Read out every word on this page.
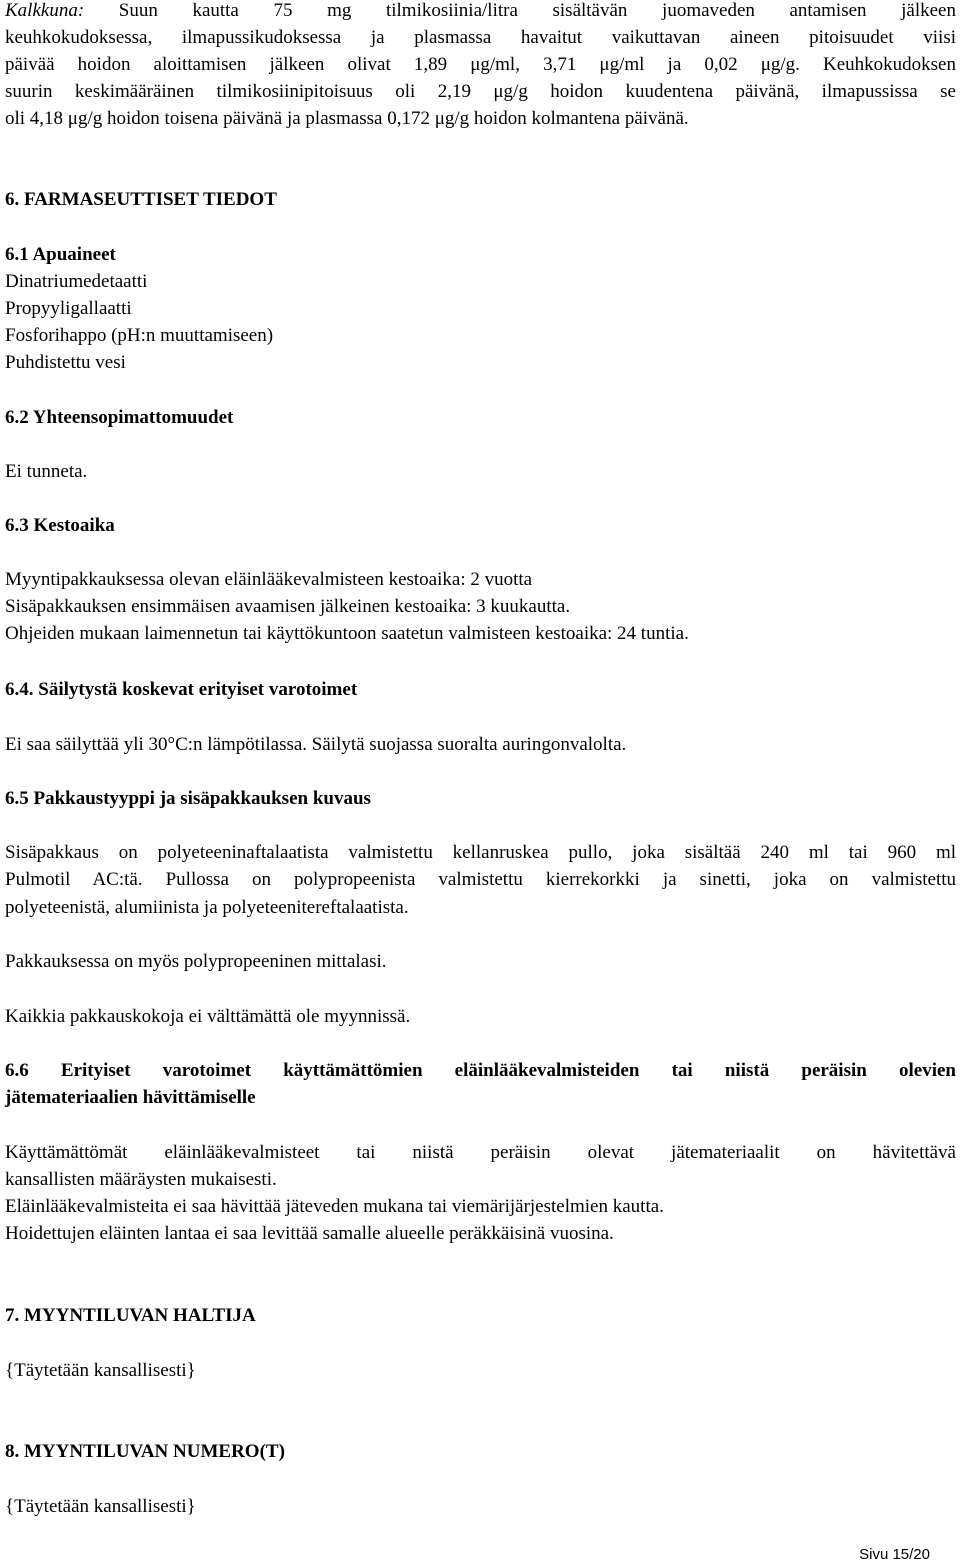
Kalkkuna: Suun kautta 75 mg tilmikosiinia/litra sisältävän juomaveden antamisen jälkeen
keuhkokudoksessa, ilmapussikudoksessa ja plasmassa havaitut vaikuttavan aineen pitoisuudet viisi
päivää hoidon aloittamisen jälkeen olivat 1,89 μg/ml, 3,71 μg/ml ja 0,02 μg/g. Keuhkokudoksen
suurin keskimääräinen tilmikosiinipitoisuus oli 2,19 μg/g hoidon kuudentena päivänä, ilmapussissa se
oli 4,18 μg/g hoidon toisena päivänä ja plasmassa 0,172 μg/g hoidon kolmantena päivänä.
6. FARMASEUTTISET TIEDOT
6.1 Apuaineet
Dinatriumedetaatti
Propyyligallaatti
Fosforihappo (pH:n muuttamiseen)
Puhdistettu vesi
6.2 Yhteensopimattomuudet
Ei tunneta.
6.3 Kestoaika
Myyntipakkauksessa olevan eläinlääkevalmisteen kestoaika: 2 vuotta
Sisäpakkauksen ensimmäisen avaamisen jälkeinen kestoaika: 3 kuukautta.
Ohjeiden mukaan laimennetun tai käyttökuntoon saatetun valmisteen kestoaika: 24 tuntia.
6.4. Säilytystä koskevat erityiset varotoimet
Ei saa säilyttää yli 30°C:n lämpötilassa. Säilytä suojassa suoralta auringonvalolta.
6.5 Pakkaustyyppi ja sisäpakkauksen kuvaus
Sisäpakkaus on polyeteeninaftalaatista valmistettu kellanruskea pullo, joka sisältää 240 ml tai 960 ml
Pulmotil AC:tä. Pullossa on polypropeenista valmistettu kierrekorkki ja sinetti, joka on valmistettu
polyeteenistä, alumiinista ja polyeteenitereftalaatista.
Pakkauksessa on myös polypropeeninen mittalasi.
Kaikkia pakkauskokoja ei välttämättä ole myynnissä.
6.6 Erityiset varotoimet käyttämättömien eläinlääkevalmisteiden tai niistä peräisin olevien
jätemateriaalien hävittämiselle
Käyttämättömät eläinlääkevalmisteet tai niistä peräisin olevat jätemateriaalit on hävitettävä
kansallisten määräysten mukaisesti.
Eläinlääkevalmisteita ei saa hävittää jäteveden mukana tai viemärijärjestelmien kautta.
Hoidettujen eläinten lantaa ei saa levittää samalle alueelle peräkkäisinä vuosina.
7. MYYNTILUVAN HALTIJA
{Täytetään kansallisesti}
8. MYYNTILUVAN NUMERO(T)
{Täytetään kansallisesti}
Sivu 15/20
